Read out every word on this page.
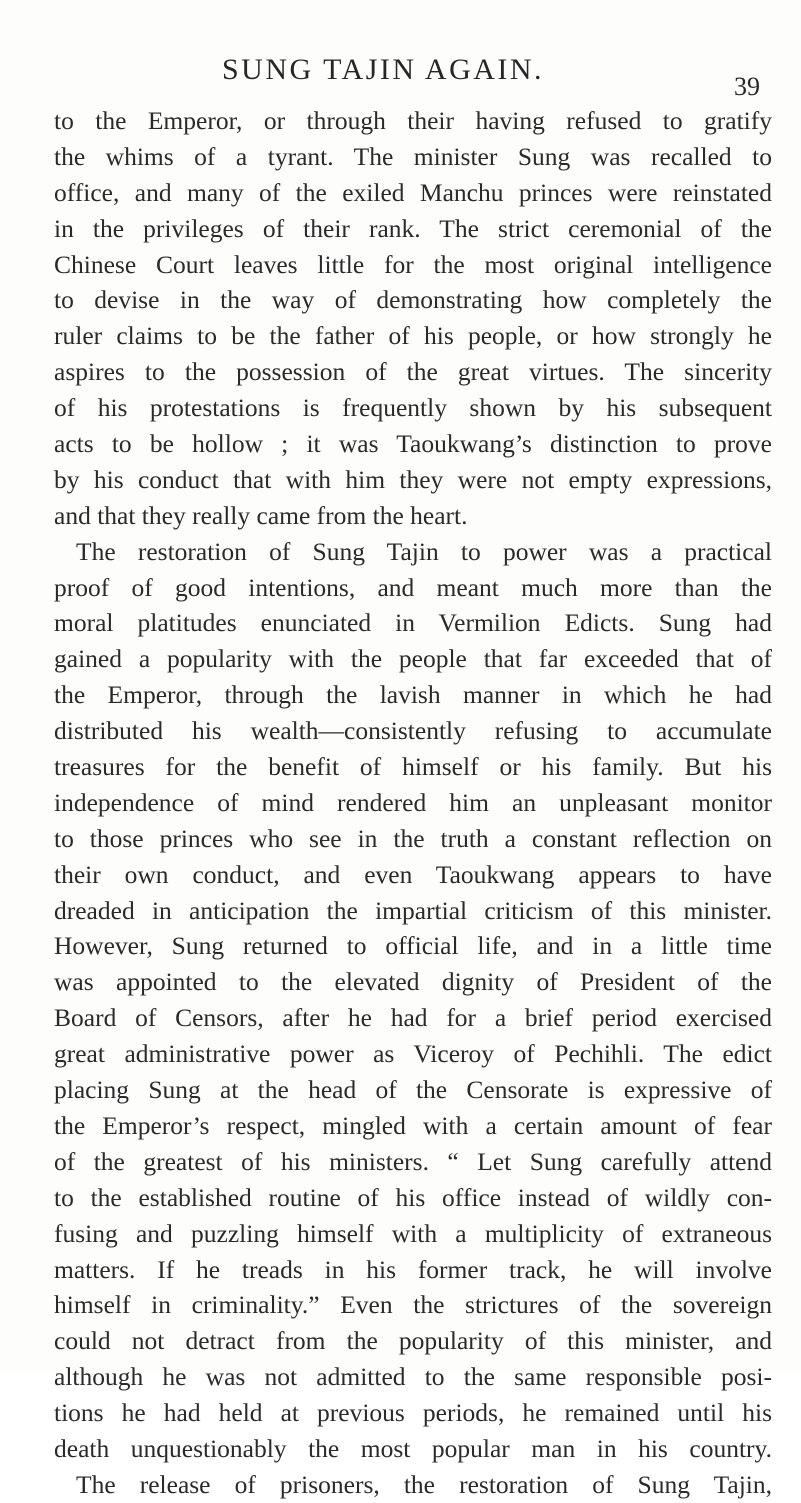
SUNG TAJIN AGAIN.
39
to the Emperor, or through their having refused to gratify
the whims of a tyrant. The minister Sung was recalled to
office, and many of the exiled Manchu princes were reinstated
in the privileges of their rank. The strict ceremonial of the
Chinese Court leaves little for the most original intelligence
to devise in the way of demonstrating how completely the
ruler claims to be the father of his people, or how strongly he
aspires to the possession of the great virtues. The sincerity
of his protestations is frequently shown by his subsequent
acts to be hollow ; it was Taoukwang’s distinction to prove
by his conduct that with him they were not empty expressions,
and that they really came from the heart.
The restoration of Sung Tajin to power was a practical
proof of good intentions, and meant much more than the
moral platitudes enunciated in Vermilion Edicts. Sung had
gained a popularity with the people that far exceeded that of
the Emperor, through the lavish manner in which he had
distributed his wealth—consistently refusing to accumulate
treasures for the benefit of himself or his family. But his
independence of mind rendered him an unpleasant monitor
to those princes who see in the truth a constant reflection on
their own conduct, and even Taoukwang appears to have
dreaded in anticipation the impartial criticism of this minister.
However, Sung returned to official life, and in a little time
was appointed to the elevated dignity of President of the
Board of Censors, after he had for a brief period exercised
great administrative power as Viceroy of Pechihli. The edict
placing Sung at the head of the Censorate is expressive of
the Emperor’s respect, mingled with a certain amount of fear
of the greatest of his ministers. “ Let Sung carefully attend
to the established routine of his office instead of wildly con-
fusing and puzzling himself with a multiplicity of extraneous
matters. If he treads in his former track, he will involve
himself in criminality.” Even the strictures of the sovereign
could not detract from the popularity of this minister, and
although he was not admitted to the same responsible posi-
tions he had held at previous periods, he remained until his
death unquestionably the most popular man in his country.
The release of prisoners, the restoration of Sung Tajin,
